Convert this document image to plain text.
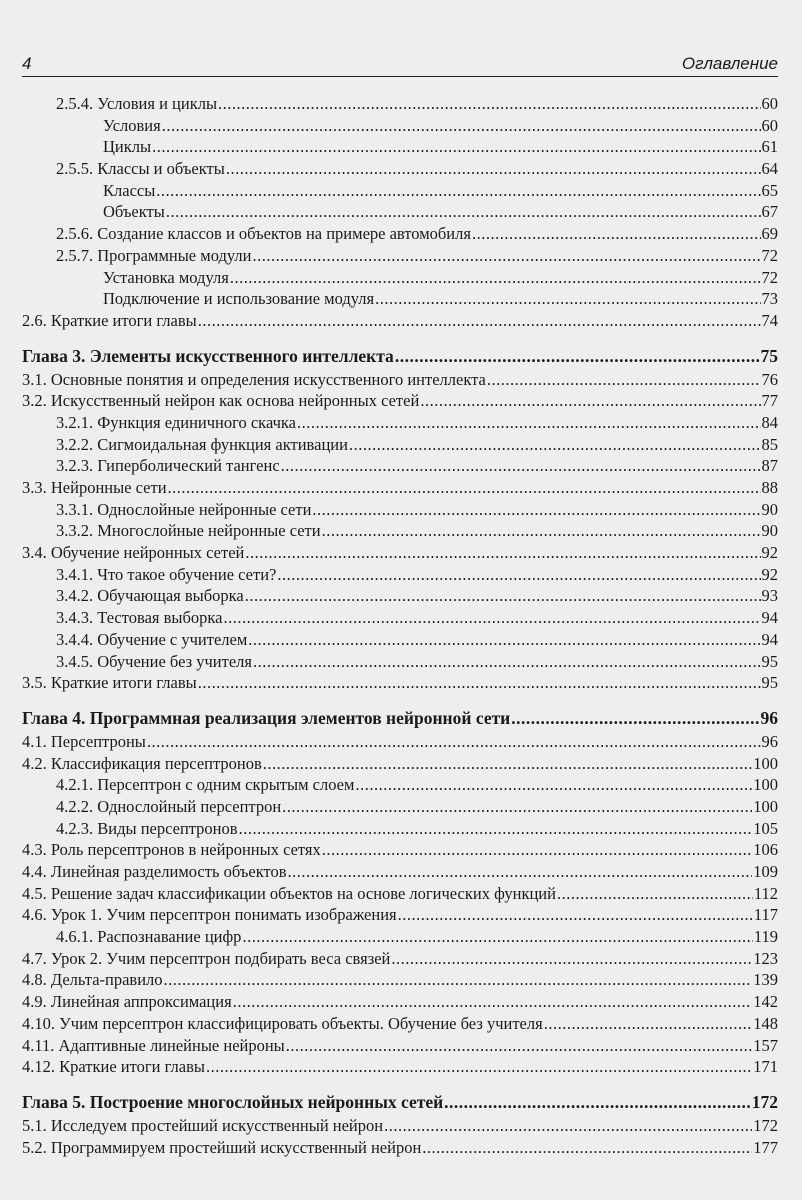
4	Оглавление
2.5.4. Условия и циклы .....	60
Условия .....	60
Циклы .....	61
2.5.5. Классы и объекты .....	64
Классы .....	65
Объекты .....	67
2.5.6. Создание классов и объектов на примере автомобиля .....	69
2.5.7. Программные модули .....	72
Установка модуля .....	72
Подключение и использование модуля .....	73
2.6. Краткие итоги главы .....	74
Глава 3. Элементы искусственного интеллекта .....	75
3.1. Основные понятия и определения искусственного интеллекта .....	76
3.2. Искусственный нейрон как основа нейронных сетей .....	77
3.2.1. Функция единичного скачка .....	84
3.2.2. Сигмоидальная функция активации .....	85
3.2.3. Гиперболический тангенс .....	87
3.3. Нейронные сети .....	88
3.3.1. Однослойные нейронные сети .....	90
3.3.2. Многослойные нейронные сети .....	90
3.4. Обучение нейронных сетей .....	92
3.4.1. Что такое обучение сети? .....	92
3.4.2. Обучающая выборка .....	93
3.4.3. Тестовая выборка .....	94
3.4.4. Обучение с учителем .....	94
3.4.5. Обучение без учителя .....	95
3.5. Краткие итоги главы .....	95
Глава 4. Программная реализация элементов нейронной сети .....	96
4.1. Персептроны .....	96
4.2. Классификация персептронов .....	100
4.2.1. Персептрон с одним скрытым слоем .....	100
4.2.2. Однослойный персептрон .....	100
4.2.3. Виды персептронов .....	105
4.3. Роль персептронов в нейронных сетях .....	106
4.4. Линейная разделимость объектов .....	109
4.5. Решение задач классификации объектов на основе логических функций .....	112
4.6. Урок 1. Учим персептрон понимать изображения .....	117
4.6.1. Распознавание цифр .....	119
4.7. Урок 2. Учим персептрон подбирать веса связей .....	123
4.8. Дельта-правило .....	139
4.9. Линейная аппроксимация .....	142
4.10. Учим персептрон классифицировать объекты. Обучение без учителя .....	148
4.11. Адаптивные линейные нейроны .....	157
4.12. Краткие итоги главы .....	171
Глава 5. Построение многослойных нейронных сетей .....	172
5.1. Исследуем простейший искусственный нейрон .....	172
5.2. Программируем простейший искусственный нейрон .....	177
